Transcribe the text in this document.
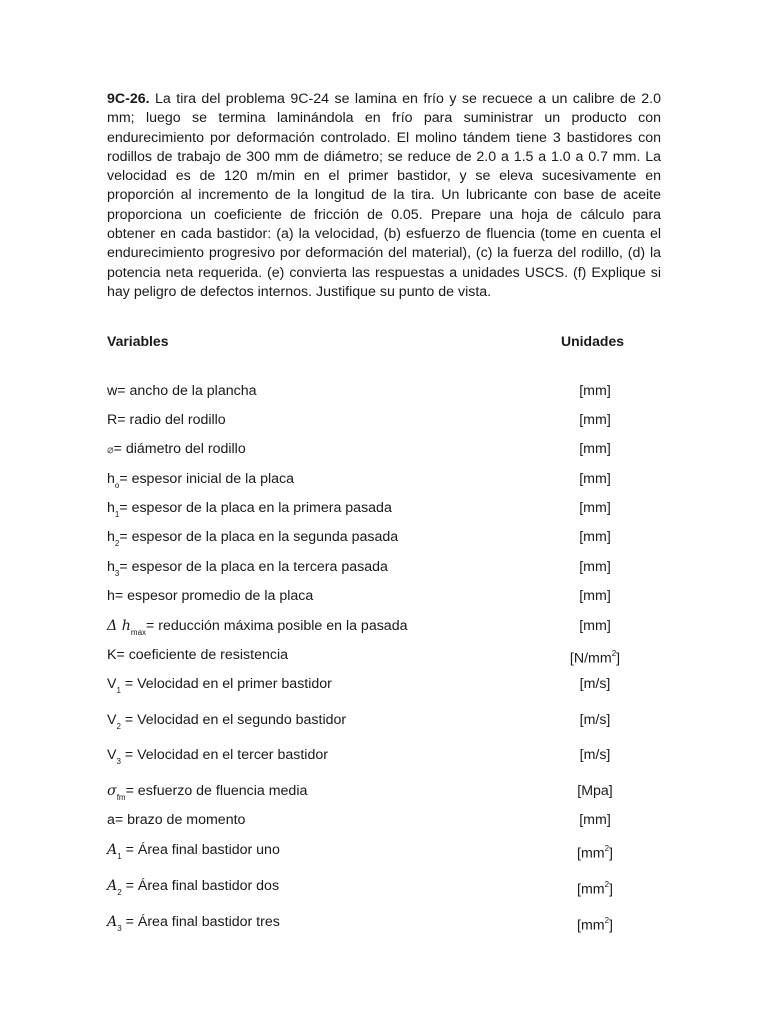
9C-26. La tira del problema 9C-24 se lamina en frío y se recuece a un calibre de 2.0 mm; luego se termina laminándola en frío para suministrar un producto con endurecimiento por deformación controlado. El molino tándem tiene 3 bastidores con rodillos de trabajo de 300 mm de diámetro; se reduce de 2.0 a 1.5 a 1.0 a 0.7 mm. La velocidad es de 120 m/min en el primer bastidor, y se eleva sucesivamente en proporción al incremento de la longitud de la tira. Un lubricante con base de aceite proporciona un coeficiente de fricción de 0.05. Prepare una hoja de cálculo para obtener en cada bastidor: (a) la velocidad, (b) esfuerzo de fluencia (tome en cuenta el endurecimiento progresivo por deformación del material), (c) la fuerza del rodillo, (d) la potencia neta requerida. (e) convierta las respuestas a unidades USCS. (f) Explique si hay peligro de defectos internos. Justifique su punto de vista.

Variables	Unidades
w= ancho de la plancha	[mm]
R= radio del rodillo	[mm]
⌀= diámetro del rodillo	[mm]
$h_o=$ espesor inicial de la placa	[mm]
$h_1=$ espesor de la placa en la primera pasada	[mm]
$h_2=$ espesor de la placa en la segunda pasada	[mm]
$h_3=$ espesor de la placa en la tercera pasada	[mm]
h= espesor promedio de la placa	[mm]
Δ $h_{max}=$ reducción máxima posible en la pasada	[mm]
K= coeficiente de resistencia	$[N/mm^2]$
$V_1$ = Velocidad en el primer bastidor	[m/s]
$V_2$ = Velocidad en el segundo bastidor	[m/s]
$V_3$ = Velocidad en el tercer bastidor	[m/s]
$\sigma_{fm}=$ esfuerzo de fluencia media	[Mpa]
a= brazo de momento	[mm]
$A_1$ = Área final bastidor uno	$[mm^2]$
$A_2$ = Área final bastidor dos	$[mm^2]$
$A_3$ = Área final bastidor tres	$[mm^2]$
